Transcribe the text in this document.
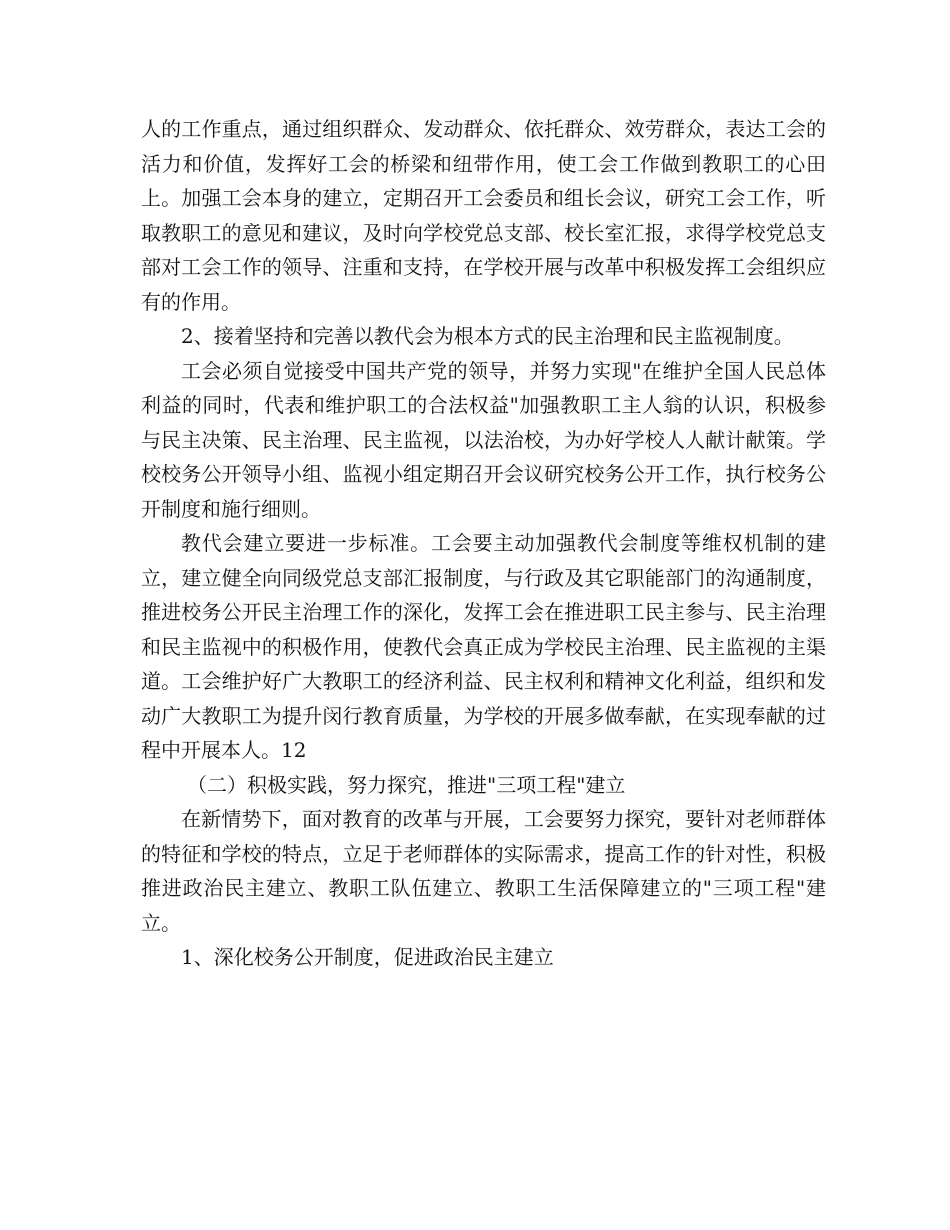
人的工作重点，通过组织群众、发动群众、依托群众、效劳群众，表达工会的活力和价值，发挥好工会的桥梁和纽带作用，使工会工作做到教职工的心田上。加强工会本身的建立，定期召开工会委员和组长会议，研究工会工作，听取教职工的意见和建议，及时向学校党总支部、校长室汇报，求得学校党总支部对工会工作的领导、注重和支持，在学校开展与改革中积极发挥工会组织应有的作用。

2、接着坚持和完善以教代会为根本方式的民主治理和民主监视制度。

工会必须自觉接受中国共产党的领导，并努力实现"在维护全国人民总体利益的同时，代表和维护职工的合法权益"加强教职工主人翁的认识，积极参与民主决策、民主治理、民主监视，以法治校，为办好学校人人献计献策。学校校务公开领导小组、监视小组定期召开会议研究校务公开工作，执行校务公开制度和施行细则。

教代会建立要进一步标准。工会要主动加强教代会制度等维权机制的建立，建立健全向同级党总支部汇报制度，与行政及其它职能部门的沟通制度，推进校务公开民主治理工作的深化，发挥工会在推进职工民主参与、民主治理和民主监视中的积极作用，使教代会真正成为学校民主治理、民主监视的主渠道。工会维护好广大教职工的经济利益、民主权利和精神文化利益，组织和发动广大教职工为提升闵行教育质量，为学校的开展多做奉献，在实现奉献的过程中开展本人。12

（二）积极实践，努力探究，推进"三项工程"建立

在新情势下，面对教育的改革与开展，工会要努力探究，要针对老师群体的特征和学校的特点，立足于老师群体的实际需求，提高工作的针对性，积极推进政治民主建立、教职工队伍建立、教职工生活保障建立的"三项工程"建立。

1、深化校务公开制度，促进政治民主建立
